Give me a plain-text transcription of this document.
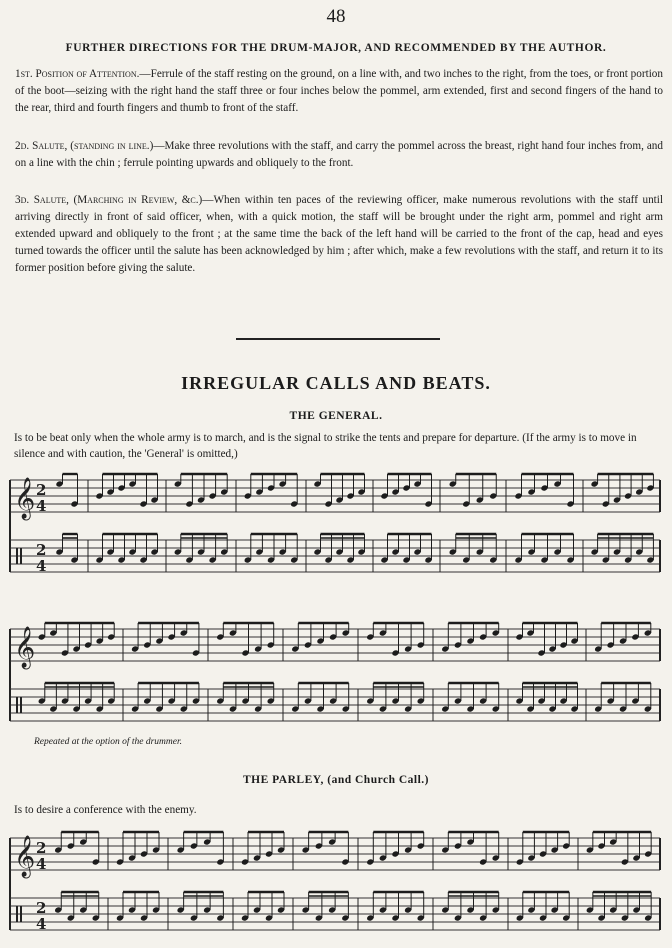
48
FURTHER DIRECTIONS FOR THE DRUM-MAJOR, AND RECOMMENDED BY THE AUTHOR.

1st. Position of Attention.—Ferrule of the staff resting on the ground, on a line with, and two inches to the right, from the toes, or front portion of the boot—seizing with the right hand the staff three or four inches below the pommel, arm extended, first and second fingers of the hand to the rear, third and fourth fingers and thumb to front of the staff.

2d. Salute, (standing in line.)—Make three revolutions with the staff, and carry the pommel across the breast, right hand four inches from, and on a line with the chin ; ferrule pointing upwards and obliquely to the front.

3d. Salute, (Marching in Review, &c.)—When within ten paces of the reviewing officer, make numerous revolutions with the staff until arriving directly in front of said officer, when, with a quick motion, the staff will be brought under the right arm, pommel and right arm extended upward and obliquely to the front ; at the same time the back of the left hand will be carried to the front of the cap, head and eyes turned towards the officer until the salute has been acknowledged by him ; after which, make a few revolutions with the staff, and return it to its former position before giving the salute.

IRREGULAR CALLS AND BEATS.
THE GENERAL.

Is to be beat only when the whole army is to march, and is the signal to strike the tents and prepare for departure. (If the army is to move in silence and with caution, the 'General' is omitted,)

𝄞 2
4
2
4
𝄞
Repeated at the option of the drummer.
THE PARLEY, (and Church Call.)

Is to desire a conference with the enemy.

𝄞 2
4
2
4
